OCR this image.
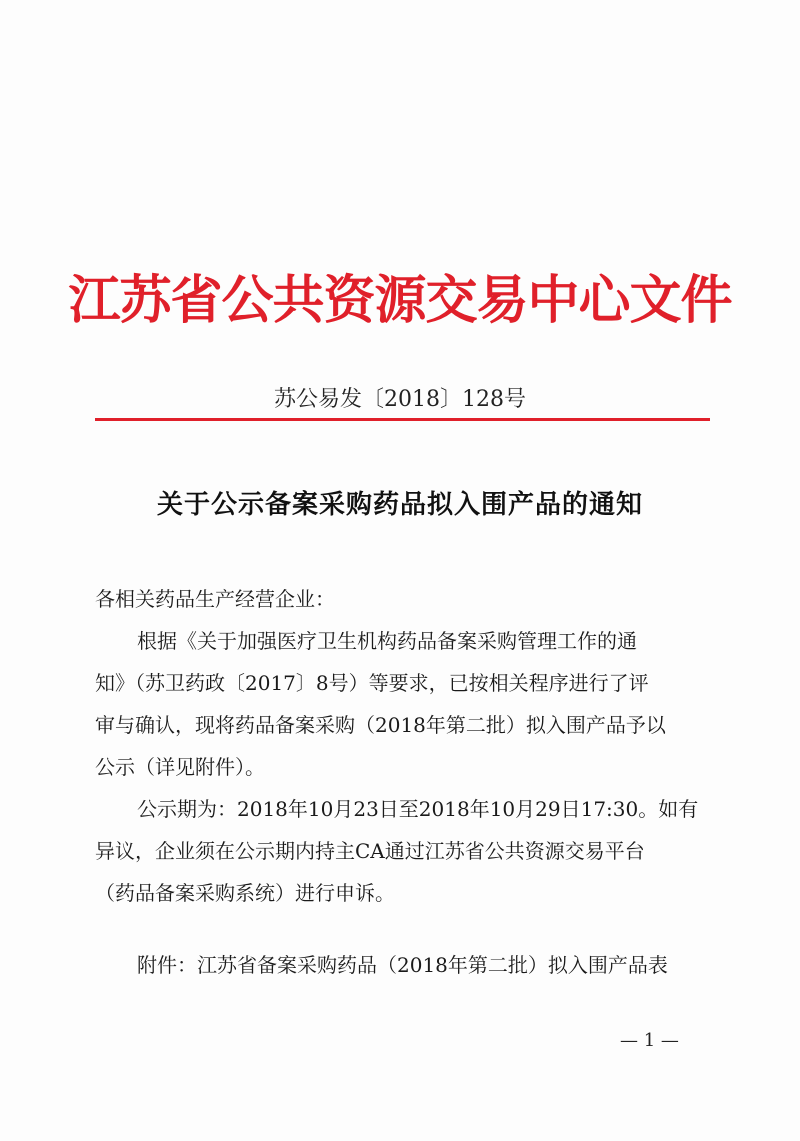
江苏省公共资源交易中心文件
苏公易发〔2018〕128号
关于公示备案采购药品拟入围产品的通知
各相关药品生产经营企业：
根据《关于加强医疗卫生机构药品备案采购管理工作的通
知》（苏卫药政〔2017〕8号）等要求，已按相关程序进行了评
审与确认，现将药品备案采购（2018年第二批）拟入围产品予以
公示（详见附件）。
公示期为：2018年10月23日至2018年10月29日17:30。如有
异议，企业须在公示期内持主CA通过江苏省公共资源交易平台
（药品备案采购系统）进行申诉。
附件：江苏省备案采购药品（2018年第二批）拟入围产品表
— 1 —
